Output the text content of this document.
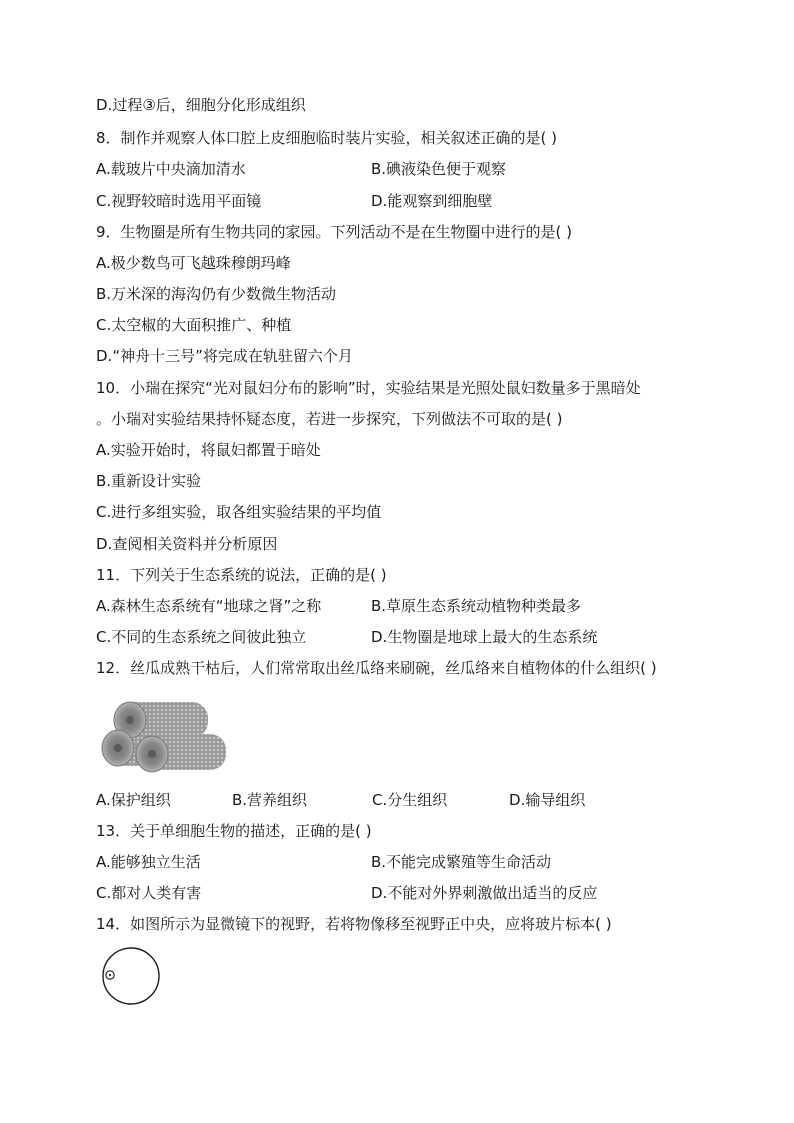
D.过程③后，细胞分化形成组织
8．制作并观察人体口腔上皮细胞临时装片实验，相关叙述正确的是( )
A.载玻片中央滴加清水	B.碘液染色便于观察
C.视野较暗时选用平面镜	D.能观察到细胞壁
9．生物圈是所有生物共同的家园。下列活动不是在生物圈中进行的是( )
A.极少数鸟可飞越珠穆朗玛峰
B.万米深的海沟仍有少数微生物活动
C.太空椒的大面积推广、种植
D.“神舟十三号”将完成在轨驻留六个月
10．小瑞在探究“光对鼠妇分布的影响”时，实验结果是光照处鼠妇数量多于黑暗处
。小瑞对实验结果持怀疑态度，若进一步探究，下列做法不可取的是( )
A.实验开始时，将鼠妇都置于暗处
B.重新设计实验
C.进行多组实验，取各组实验结果的平均值
D.查阅相关资料并分析原因
11．下列关于生态系统的说法，正确的是( )
A.森林生态系统有“地球之肾”之称	B.草原生态系统动植物种类最多
C.不同的生态系统之间彼此独立	D.生物圈是地球上最大的生态系统
12．丝瓜成熟干枯后，人们常常取出丝瓜络来刷碗，丝瓜络来自植物体的什么组织( )
A.保护组织	B.营养组织	C.分生组织	D.输导组织
13．关于单细胞生物的描述，正确的是( )
A.能够独立生活	B.不能完成繁殖等生命活动
C.都对人类有害	D.不能对外界刺激做出适当的反应
14．如图所示为显微镜下的视野，若将物像移至视野正中央，应将玻片标本( )
